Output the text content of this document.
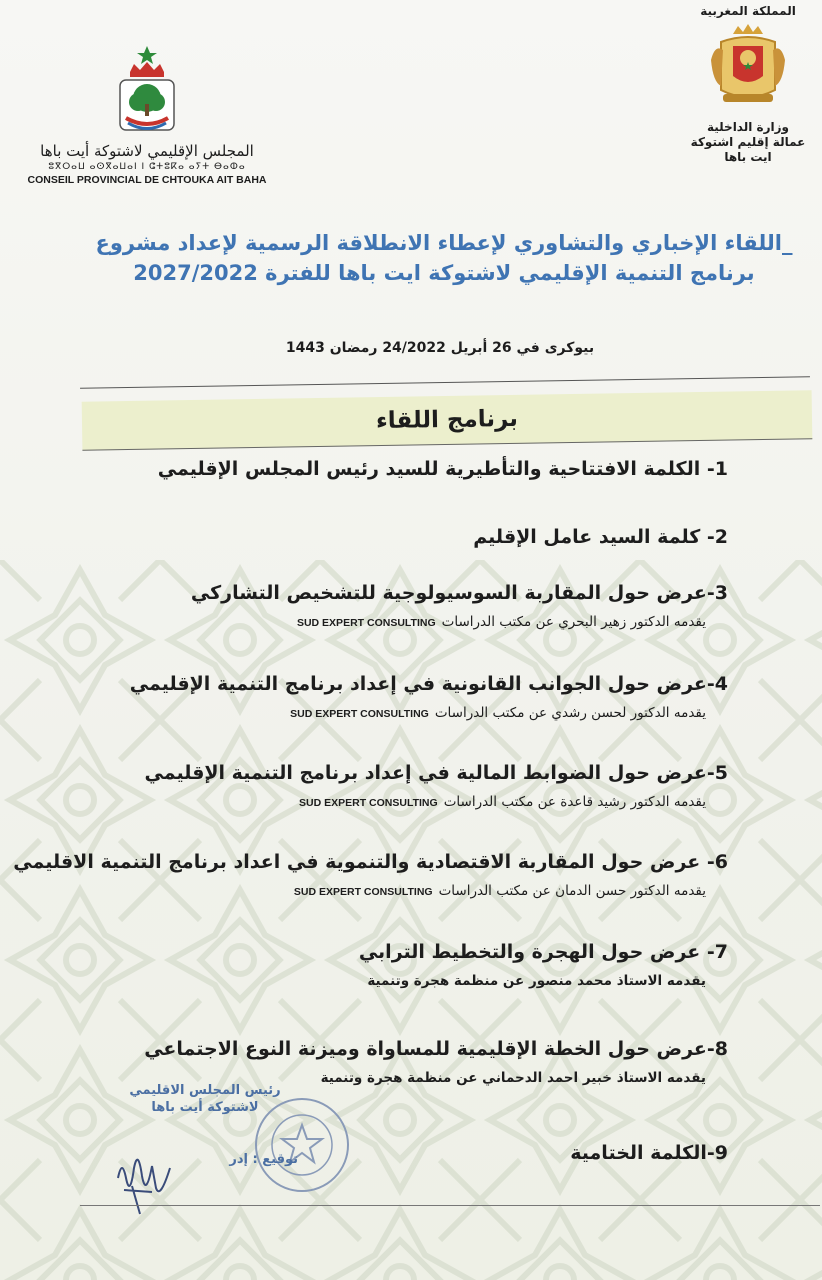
المجلس الإقليمي لاشتوكة أيت باها
ⵓⴳⵔⴰⵡ ⴰⵙⴳⴰⵡⴰⵏ ⵏ ⵛⵜⵓⴽⴰ ⴰⵢⵜ ⴱⴰⵀⴰ
CONSEIL PROVINCIAL DE CHTOUKA AIT BAHA
المملكة المغربية
وزارة الداخلية
عمالة إقليم اشتوكة ايت باها
_اللقاء الإخباري والتشاوري لإعطاء الانطلاقة الرسمية لإعداد مشروع
برنامج التنمية الإقليمي لاشتوكة ايت باها للفترة 2027/2022
بيوكرى في 26 أبريل 24/2022 رمضان 1443
برنامج اللقاء
1- الكلمة الافتتاحية والتأطيرية للسيد رئيس المجلس الإقليمي
2- كلمة السيد عامل الإقليم
3-عرض حول المقاربة السوسيولوجية للتشخيص التشاركي
يقدمه الدكتور زهير البحري عن مكتب الدراساتSUD EXPERT CONSULTING
4-عرض حول الجوانب القانونية في إعداد برنامج التنمية الإقليمي
يقدمه الدكتور لحسن رشدي عن مكتب الدراساتSUD EXPERT CONSULTING
5-عرض حول الضوابط المالية في إعداد برنامج التنمية الإقليمي
يقدمه الدكتور رشيد قاعدة عن مكتب الدراساتSUD EXPERT CONSULTING
6- عرض حول المقاربة الاقتصادية والتنموية في اعداد برنامج التنمية الاقليمي
يقدمه الدكتور حسن الدمان عن مكتب الدراساتSUD EXPERT CONSULTING
7- عرض حول الهجرة والتخطيط الترابي
يقدمه الاستاذ محمد منصور عن منظمة هجرة وتنمية
8-عرض حول الخطة الإقليمية للمساواة وميزنة النوع الاجتماعي
يقدمه الاستاذ خبير احمد الدحماني عن منظمة هجرة وتنمية
9-الكلمة الختامية
رئيس المجلس الاقليمي
لاشتوكة أيت باها
توقيع : إدر
